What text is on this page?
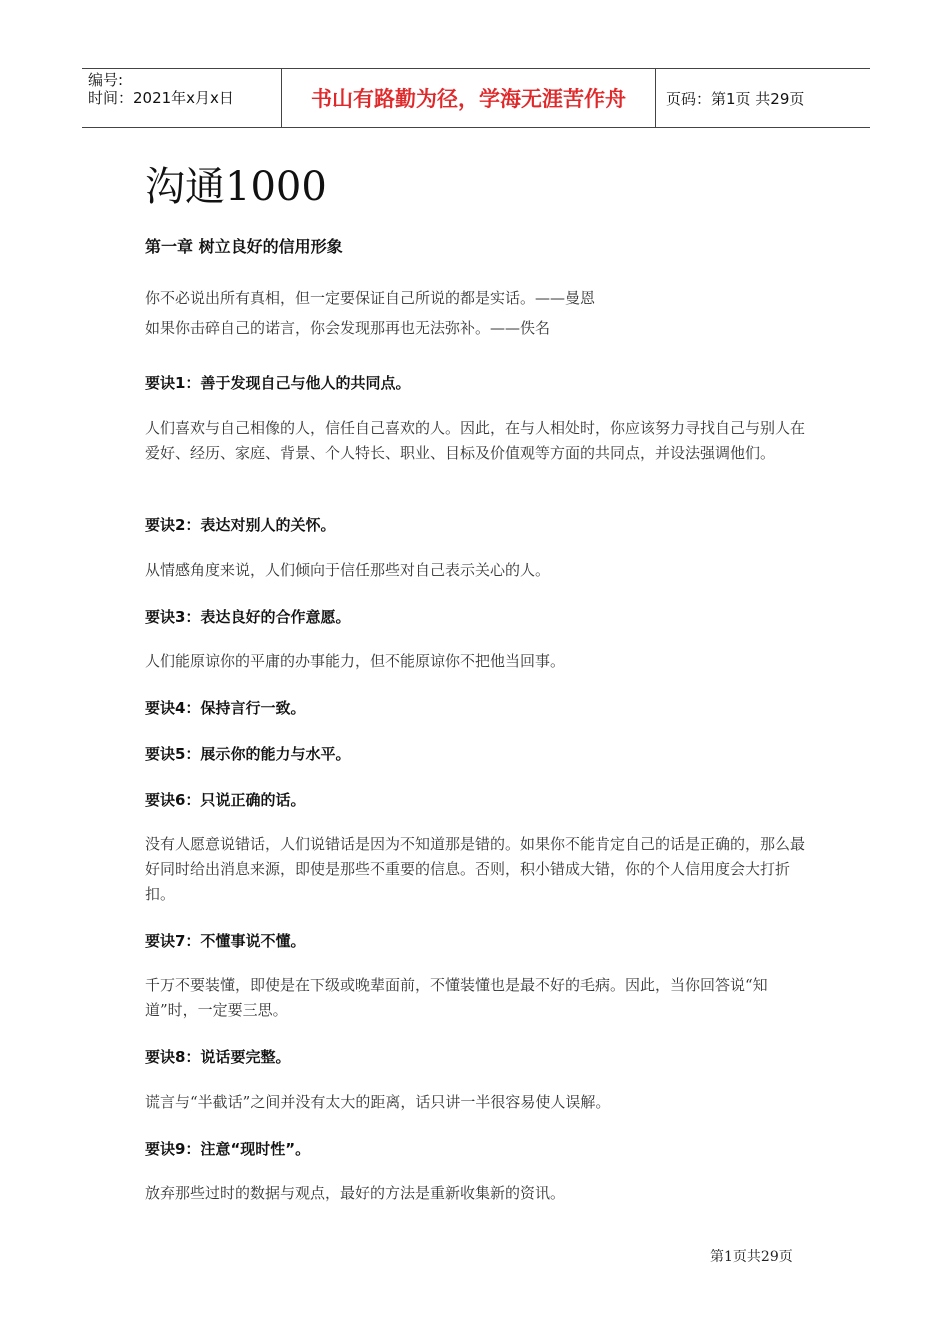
编号:
时间：2021年x月x日	书山有路勤为径，学海无涯苦作舟	页码：第1页 共29页
沟通1000
第一章 树立良好的信用形象
你不必说出所有真相，但一定要保证自己所说的都是实话。——曼恩
如果你击碎自己的诺言，你会发现那再也无法弥补。——佚名
要诀1：善于发现自己与他人的共同点。
人们喜欢与自己相像的人，信任自己喜欢的人。因此，在与人相处时，你应该努力寻找自己与别人在爱好、经历、家庭、背景、个人特长、职业、目标及价值观等方面的共同点，并设法强调他们。
要诀2：表达对别人的关怀。
从情感角度来说，人们倾向于信任那些对自己表示关心的人。
要诀3：表达良好的合作意愿。
人们能原谅你的平庸的办事能力，但不能原谅你不把他当回事。
要诀4：保持言行一致。
要诀5：展示你的能力与水平。
要诀6：只说正确的话。
没有人愿意说错话，人们说错话是因为不知道那是错的。如果你不能肯定自己的话是正确的，那么最好同时给出消息来源，即使是那些不重要的信息。否则，积小错成大错，你的个人信用度会大打折扣。
要诀7：不懂事说不懂。
千万不要装懂，即使是在下级或晚辈面前，不懂装懂也是最不好的毛病。因此，当你回答说“知道”时，一定要三思。
要诀8：说话要完整。
谎言与“半截话”之间并没有太大的距离，话只讲一半很容易使人误解。
要诀9：注意“现时性”。
放弃那些过时的数据与观点，最好的方法是重新收集新的资讯。
第1页共29页
